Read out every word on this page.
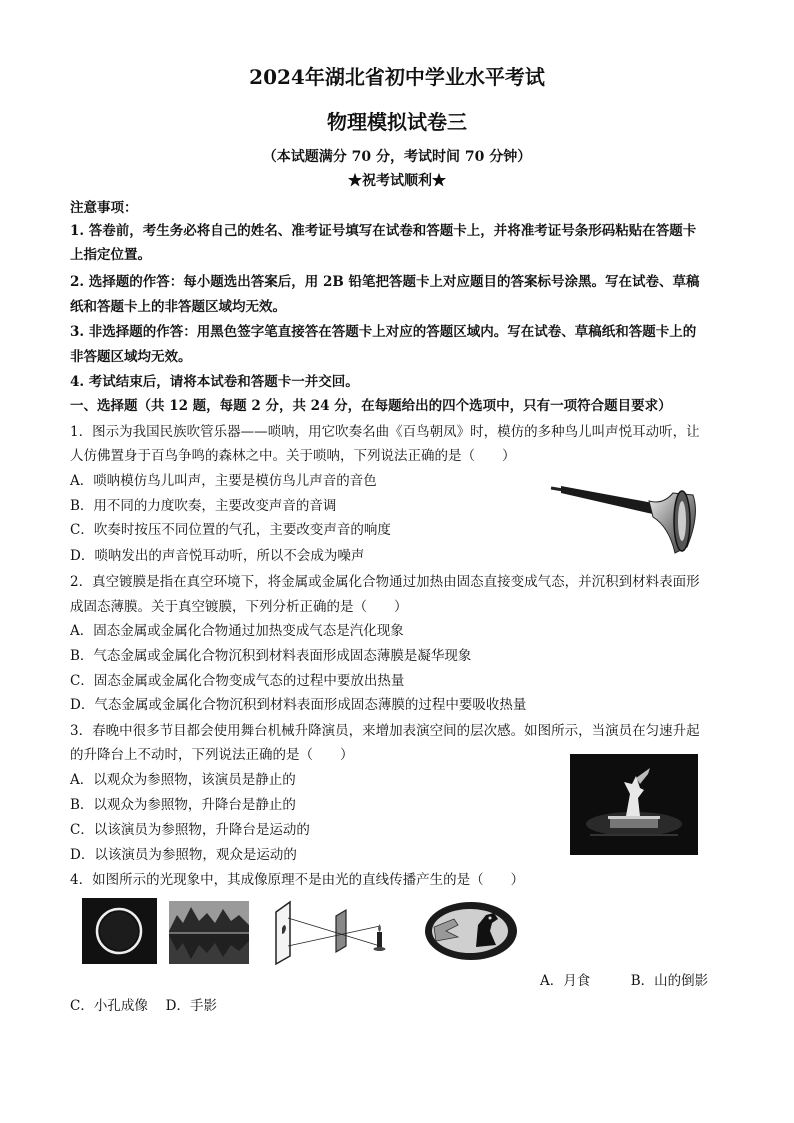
2024年湖北省初中学业水平考试
物理模拟试卷三
（本试题满分 70 分，考试时间 70 分钟）
★祝考试顺利★
注意事项：
1. 答卷前，考生务必将自己的姓名、准考证号填写在试卷和答题卡上，并将准考证号条形码粘贴在答题卡
上指定位置。
2. 选择题的作答：每小题选出答案后，用 2B 铅笔把答题卡上对应题目的答案标号涂黑。写在试卷、草稿
纸和答题卡上的非答题区域均无效。
3. 非选择题的作答：用黑色签字笔直接答在答题卡上对应的答题区域内。写在试卷、草稿纸和答题卡上的
非答题区域均无效。
4. 考试结束后，请将本试卷和答题卡一并交回。
一、选择题（共 12 题，每题 2 分，共 24 分，在每题给出的四个选项中，只有一项符合题目要求）
1．图示为我国民族吹管乐器——唢呐，用它吹奏名曲《百鸟朝凤》时，模仿的多种鸟儿叫声悦耳动听，让
人仿佛置身于百鸟争鸣的森林之中。关于唢呐，下列说法正确的是（　　）
A．唢呐模仿鸟儿叫声，主要是模仿鸟儿声音的音色
B．用不同的力度吹奏，主要改变声音的音调
C．吹奏时按压不同位置的气孔，主要改变声音的响度
D．唢呐发出的声音悦耳动听，所以不会成为噪声
2．真空镀膜是指在真空环境下，将金属或金属化合物通过加热由固态直接变成气态，并沉积到材料表面形
成固态薄膜。关于真空镀膜，下列分析正确的是（　　）
A．固态金属或金属化合物通过加热变成气态是汽化现象
B．气态金属或金属化合物沉积到材料表面形成固态薄膜是凝华现象
C．固态金属或金属化合物变成气态的过程中要放出热量
D．气态金属或金属化合物沉积到材料表面形成固态薄膜的过程中要吸收热量
3．春晚中很多节目都会使用舞台机械升降演员，来增加表演空间的层次感。如图所示，当演员在匀速升起
的升降台上不动时，下列说法正确的是（　　）
A．以观众为参照物，该演员是静止的
B．以观众为参照物，升降台是静止的
C．以该演员为参照物，升降台是运动的
D．以该演员为参照物，观众是运动的
4．如图所示的光现象中，其成像原理不是由光的直线传播产生的是（　　）
A．月食　　　B．山的倒影
C．小孔成像　 D．手影
